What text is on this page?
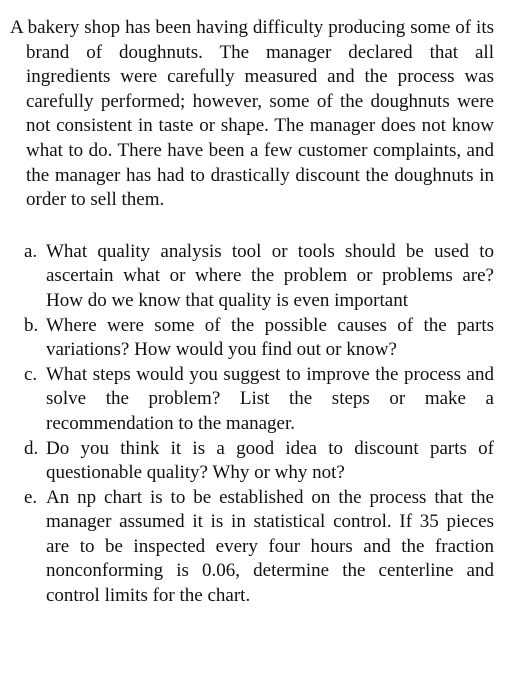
A bakery shop has been having difficulty producing some of its brand of doughnuts. The manager declared that all ingredients were carefully measured and the process was carefully performed; however, some of the doughnuts were not consistent in taste or shape. The manager does not know what to do. There have been a few customer complaints, and the manager has had to drastically discount the doughnuts in order to sell them.

a. What quality analysis tool or tools should be used to ascertain what or where the problem or problems are? How do we know that quality is even important
b. Where were some of the possible causes of the parts variations? How would you find out or know?
c. What steps would you suggest to improve the process and solve the problem? List the steps or make a recommendation to the manager.
d. Do you think it is a good idea to discount parts of questionable quality? Why or why not?
e. An np chart is to be established on the process that the manager assumed it is in statistical control. If 35 pieces are to be inspected every four hours and the fraction nonconforming is 0.06, determine the centerline and control limits for the chart.
